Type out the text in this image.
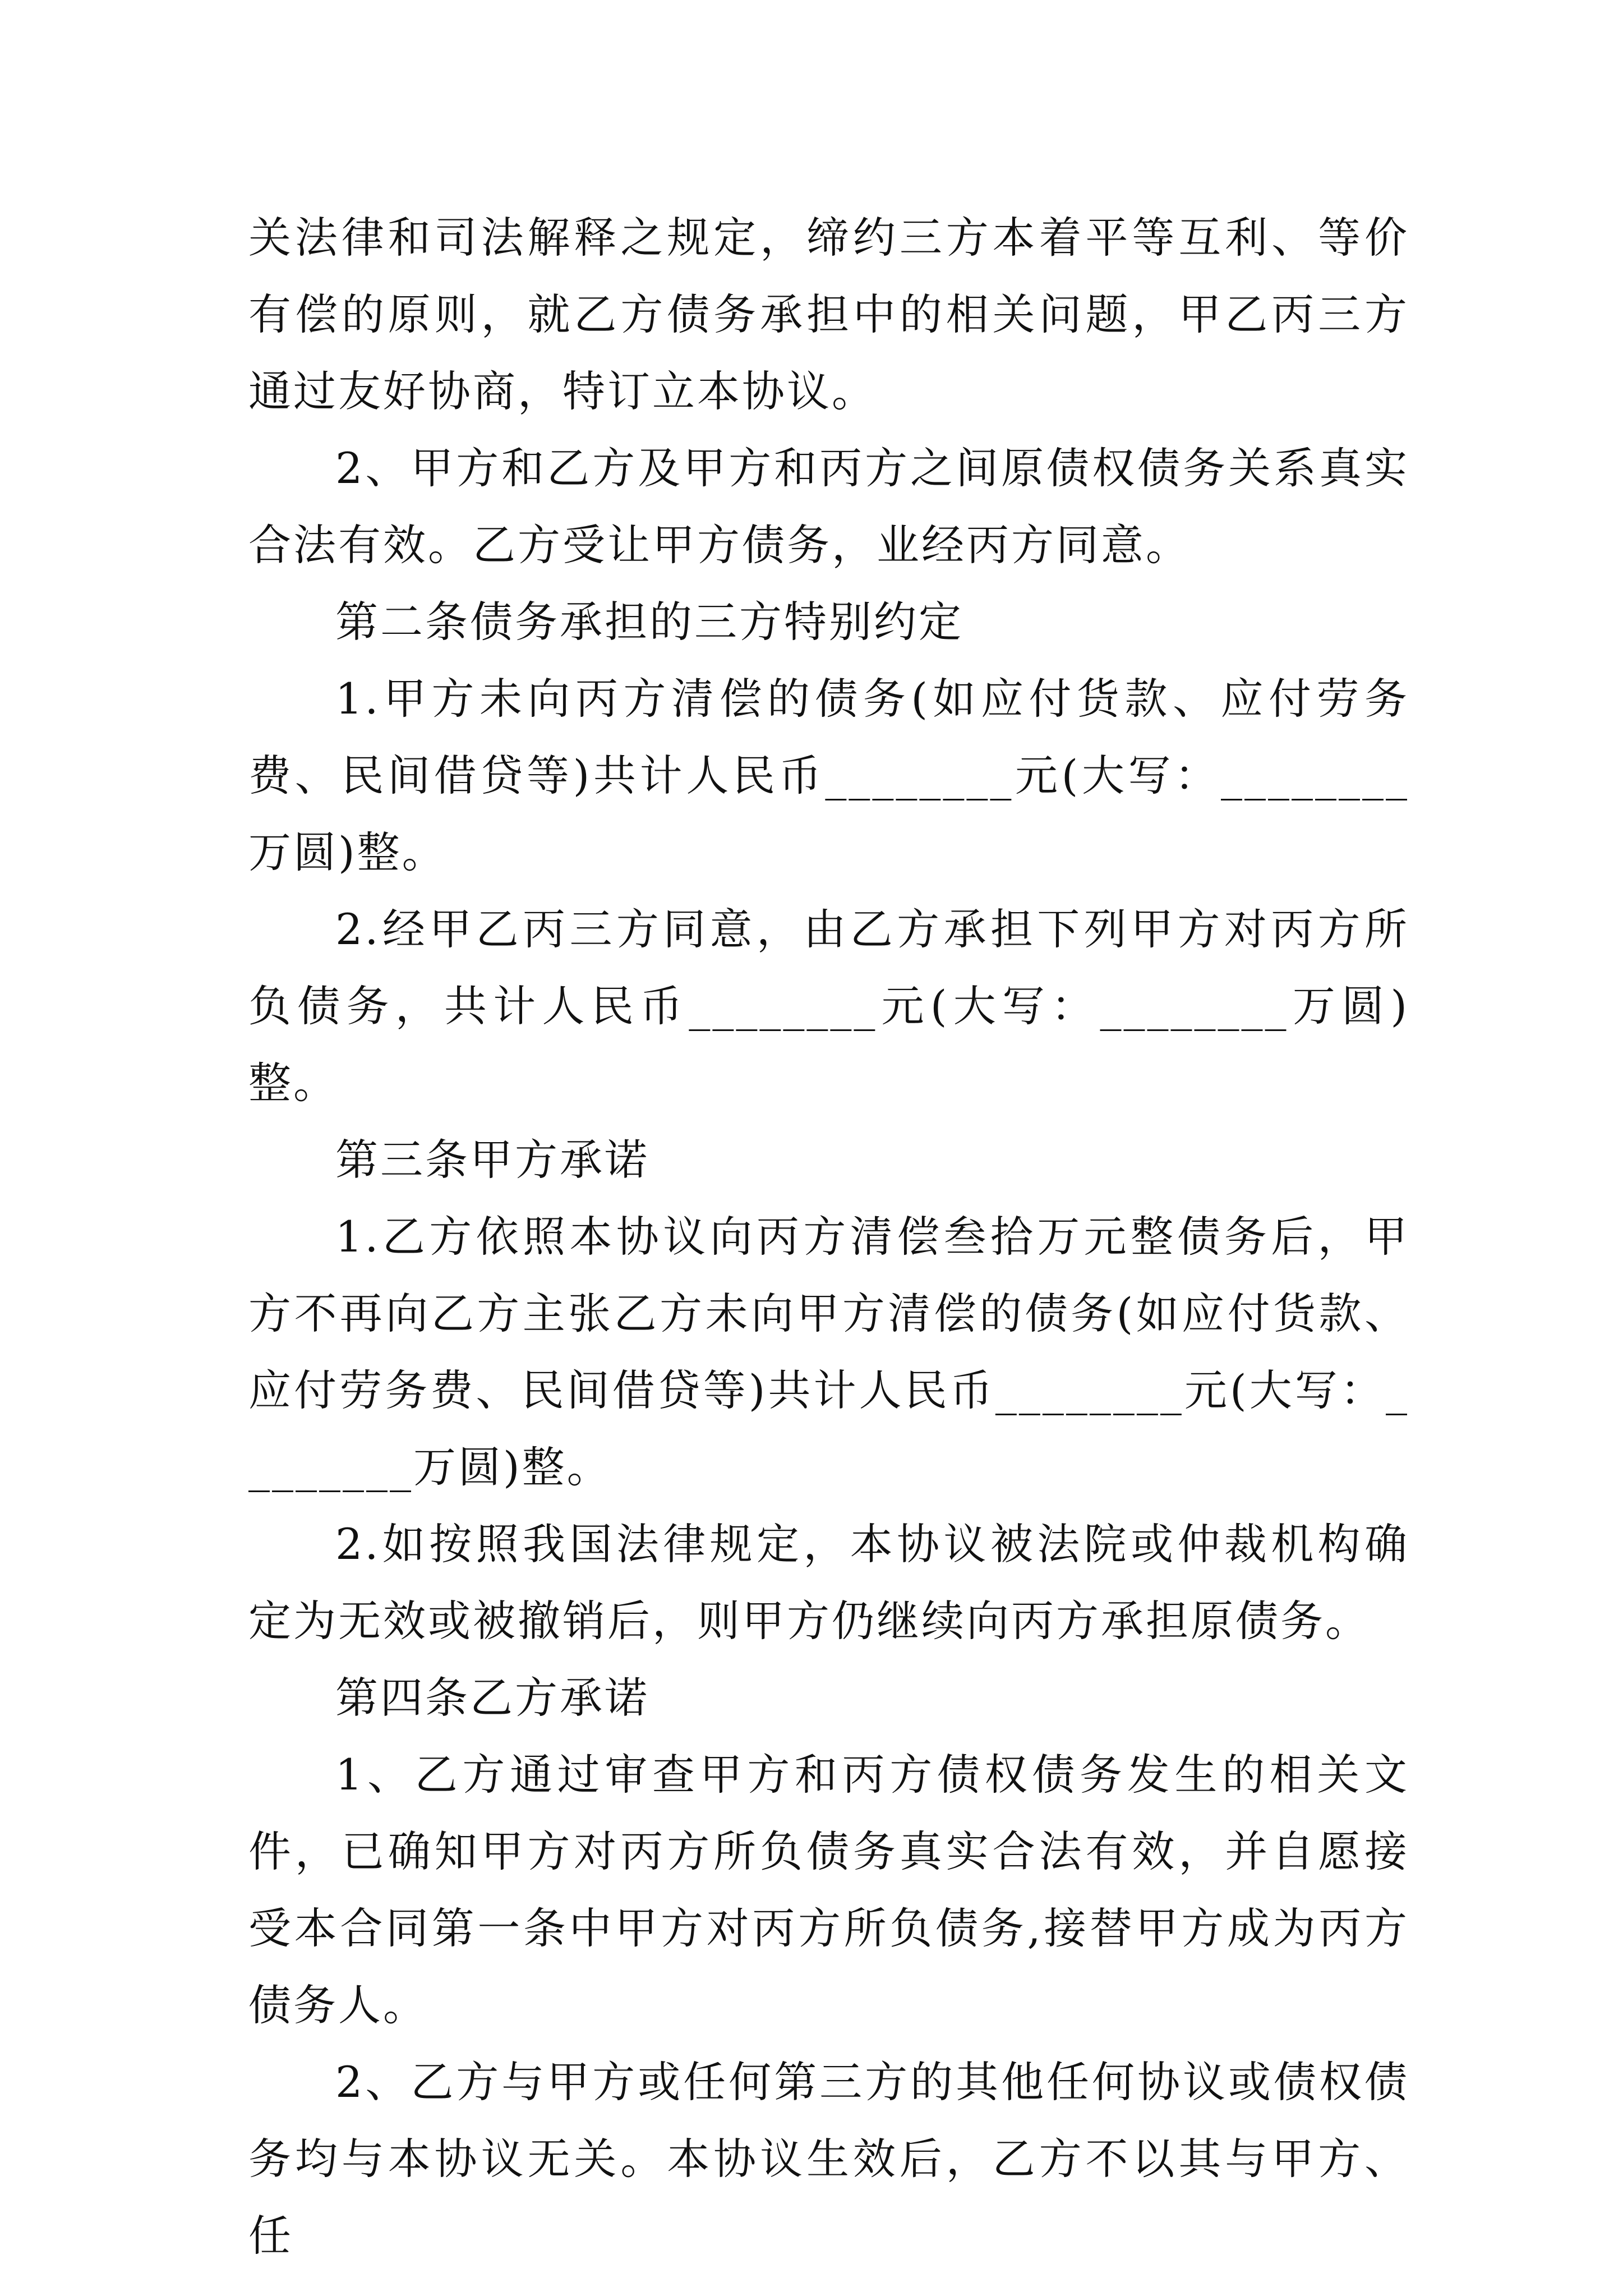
关法律和司法解释之规定，缔约三方本着平等互利、等价有偿的原则，就乙方债务承担中的相关问题，甲乙丙三方通过友好协商，特订立本协议。

2、甲方和乙方及甲方和丙方之间原债权债务关系真实合法有效。乙方受让甲方债务，业经丙方同意。

第二条债务承担的三方特别约定

1.甲方未向丙方清偿的债务(如应付货款、应付劳务费、民间借贷等)共计人民币________元(大写：________万圆)整。

2.经甲乙丙三方同意，由乙方承担下列甲方对丙方所负债务，共计人民币________元(大写：________万圆)整。

第三条甲方承诺

1.乙方依照本协议向丙方清偿叁拾万元整债务后，甲方不再向乙方主张乙方未向甲方清偿的债务(如应付货款、应付劳务费、民间借贷等)共计人民币________元(大写：________万圆)整。

2.如按照我国法律规定，本协议被法院或仲裁机构确定为无效或被撤销后，则甲方仍继续向丙方承担原债务。

第四条乙方承诺

1、乙方通过审查甲方和丙方债权债务发生的相关文件，已确知甲方对丙方所负债务真实合法有效，并自愿接受本合同第一条中甲方对丙方所负债务,接替甲方成为丙方债务人。

2、乙方与甲方或任何第三方的其他任何协议或债权债务均与本协议无关。本协议生效后，乙方不以其与甲方、任
